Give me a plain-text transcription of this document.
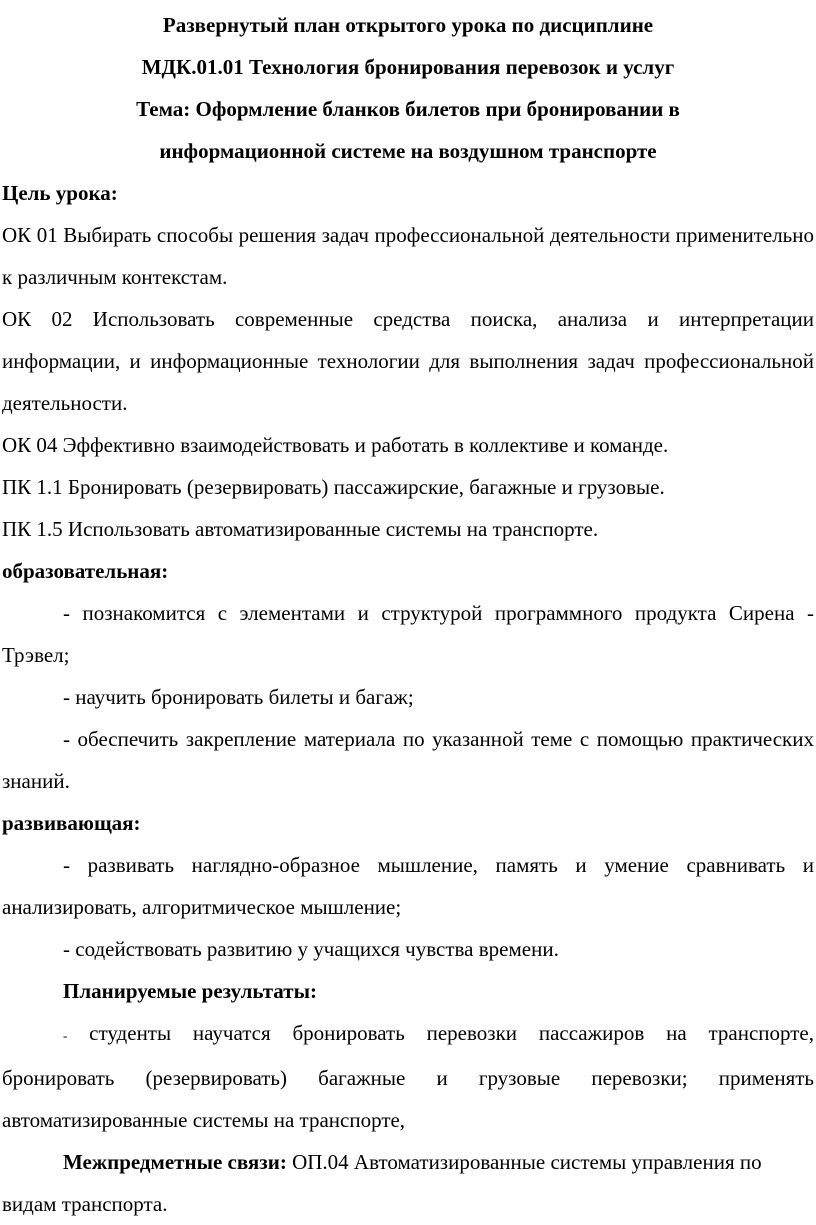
Развернутый план открытого урока по дисциплине

МДК.01.01 Технология бронирования перевозок и услуг

Тема: Оформление бланков билетов при бронировании в

информационной системе на воздушном транспорте

Цель урока:

ОК 01 Выбирать способы решения задач профессиональной деятельности применительно к различным контекстам.

ОК 02 Использовать современные средства поиска, анализа и интерпретации информации, и информационные технологии для выполнения задач профессиональной деятельности.

ОК 04 Эффективно взаимодействовать и работать в коллективе и команде.

ПК 1.1 Бронировать (резервировать) пассажирские, багажные и грузовые.

ПК 1.5 Использовать автоматизированные системы на транспорте.

образовательная:

- познакомится с элементами и структурой программного продукта Сирена - Трэвел;

- научить бронировать билеты и багаж;

- обеспечить закрепление материала по указанной теме с помощью практических знаний.

развивающая:

- развивать наглядно-образное мышление, память и умение сравнивать и анализировать, алгоритмическое мышление;

- содействовать развитию у учащихся чувства времени.

Планируемые результаты:

- студенты научатся бронировать перевозки пассажиров на транспорте, бронировать (резервировать) багажные и грузовые перевозки; применять автоматизированные системы на транспорте,

Межпредметные связи: ОП.04 Автоматизированные системы управления по видам транспорта.
